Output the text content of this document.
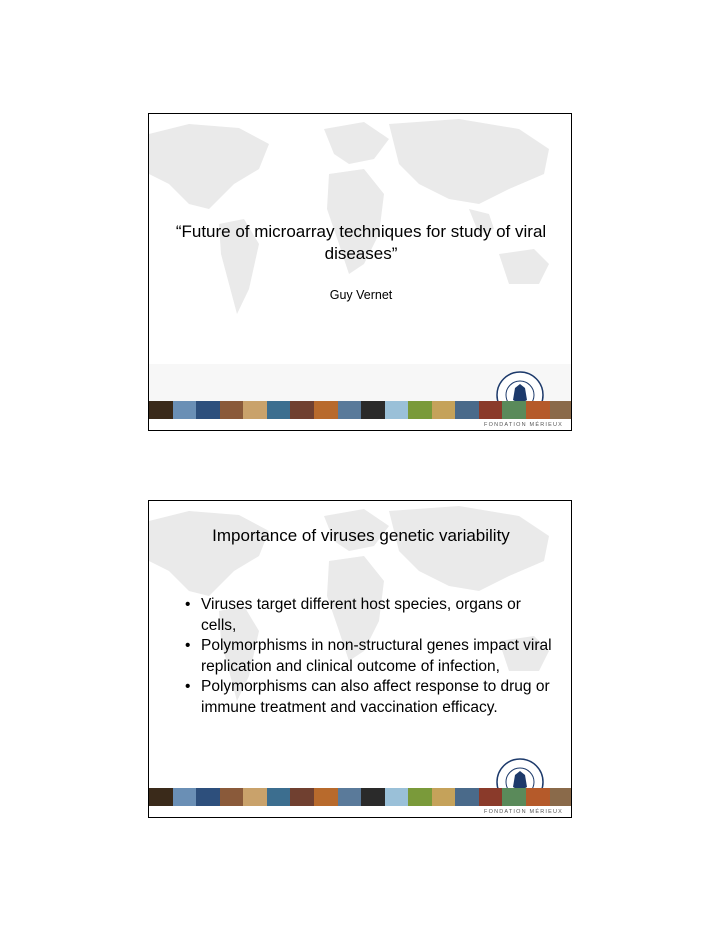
“Future of microarray techniques for study of viral diseases”
Guy Vernet
FONDATION MÉRIEUX
Importance of viruses genetic variability
• Viruses target different host species, organs or cells,
• Polymorphisms in non-structural genes impact viral replication and clinical outcome of infection,
• Polymorphisms can also affect response to drug or immune treatment and vaccination efficacy.
FONDATION MÉRIEUX
